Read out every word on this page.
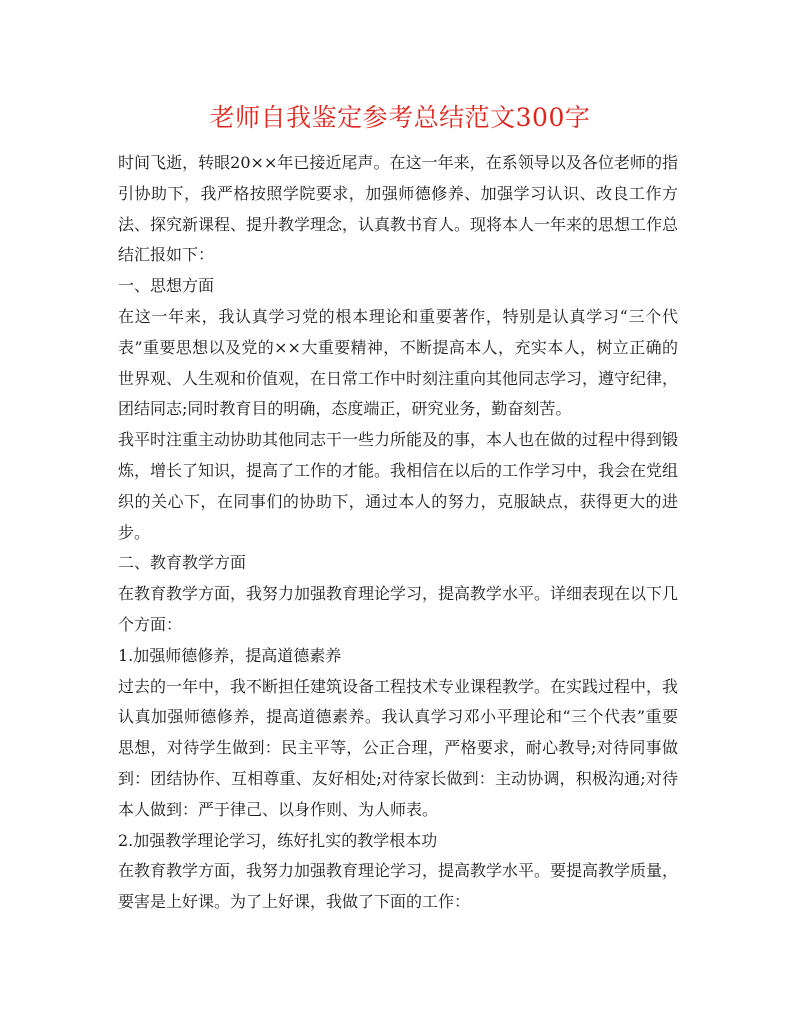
老师自我鉴定参考总结范文300字

时间飞逝，转眼20××年已接近尾声。在这一年来，在系领导以及各位老师的指引协助下，我严格按照学院要求，加强师德修养、加强学习认识、改良工作方法、探究新课程、提升教学理念，认真教书育人。现将本人一年来的思想工作总结汇报如下：

一、思想方面

在这一年来，我认真学习党的根本理论和重要著作，特别是认真学习“三个代表”重要思想以及党的××大重要精神，不断提高本人，充实本人，树立正确的世界观、人生观和价值观，在日常工作中时刻注重向其他同志学习，遵守纪律，团结同志;同时教育目的明确，态度端正，研究业务，勤奋刻苦。

我平时注重主动协助其他同志干一些力所能及的事，本人也在做的过程中得到锻炼，增长了知识，提高了工作的才能。我相信在以后的工作学习中，我会在党组织的关心下，在同事们的协助下，通过本人的努力，克服缺点，获得更大的进步。

二、教育教学方面

在教育教学方面，我努力加强教育理论学习，提高教学水平。详细表现在以下几个方面：

1.加强师德修养，提高道德素养

过去的一年中，我不断担任建筑设备工程技术专业课程教学。在实践过程中，我认真加强师德修养，提高道德素养。我认真学习邓小平理论和“三个代表”重要思想，对待学生做到：民主平等，公正合理，严格要求，耐心教导;对待同事做到：团结协作、互相尊重、友好相处;对待家长做到：主动协调，积极沟通;对待本人做到：严于律己、以身作则、为人师表。

2.加强教学理论学习，练好扎实的教学根本功

在教育教学方面，我努力加强教育理论学习，提高教学水平。要提高教学质量，要害是上好课。为了上好课，我做了下面的工作：
